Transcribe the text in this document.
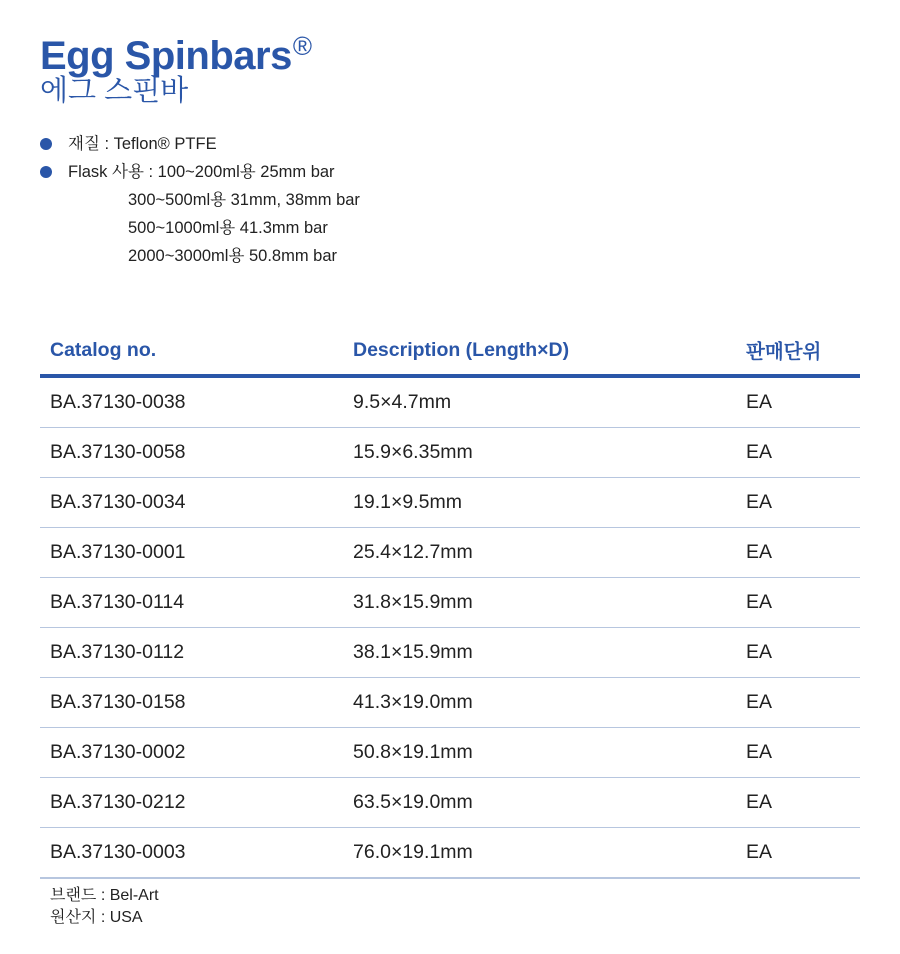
Egg Spinbars®
에그 스핀바
재질 : Teflon® PTFE
Flask 사용 : 100~200ml용 25mm bar
300~500ml용 31mm, 38mm bar
500~1000ml용 41.3mm bar
2000~3000ml용 50.8mm bar
Catalog no.	Description (Length×D)	판매단위
BA.37130-0038	9.5×4.7mm	EA
BA.37130-0058	15.9×6.35mm	EA
BA.37130-0034	19.1×9.5mm	EA
BA.37130-0001	25.4×12.7mm	EA
BA.37130-0114	31.8×15.9mm	EA
BA.37130-0112	38.1×15.9mm	EA
BA.37130-0158	41.3×19.0mm	EA
BA.37130-0002	50.8×19.1mm	EA
BA.37130-0212	63.5×19.0mm	EA
BA.37130-0003	76.0×19.1mm	EA
브랜드 : Bel-Art
원산지 : USA
